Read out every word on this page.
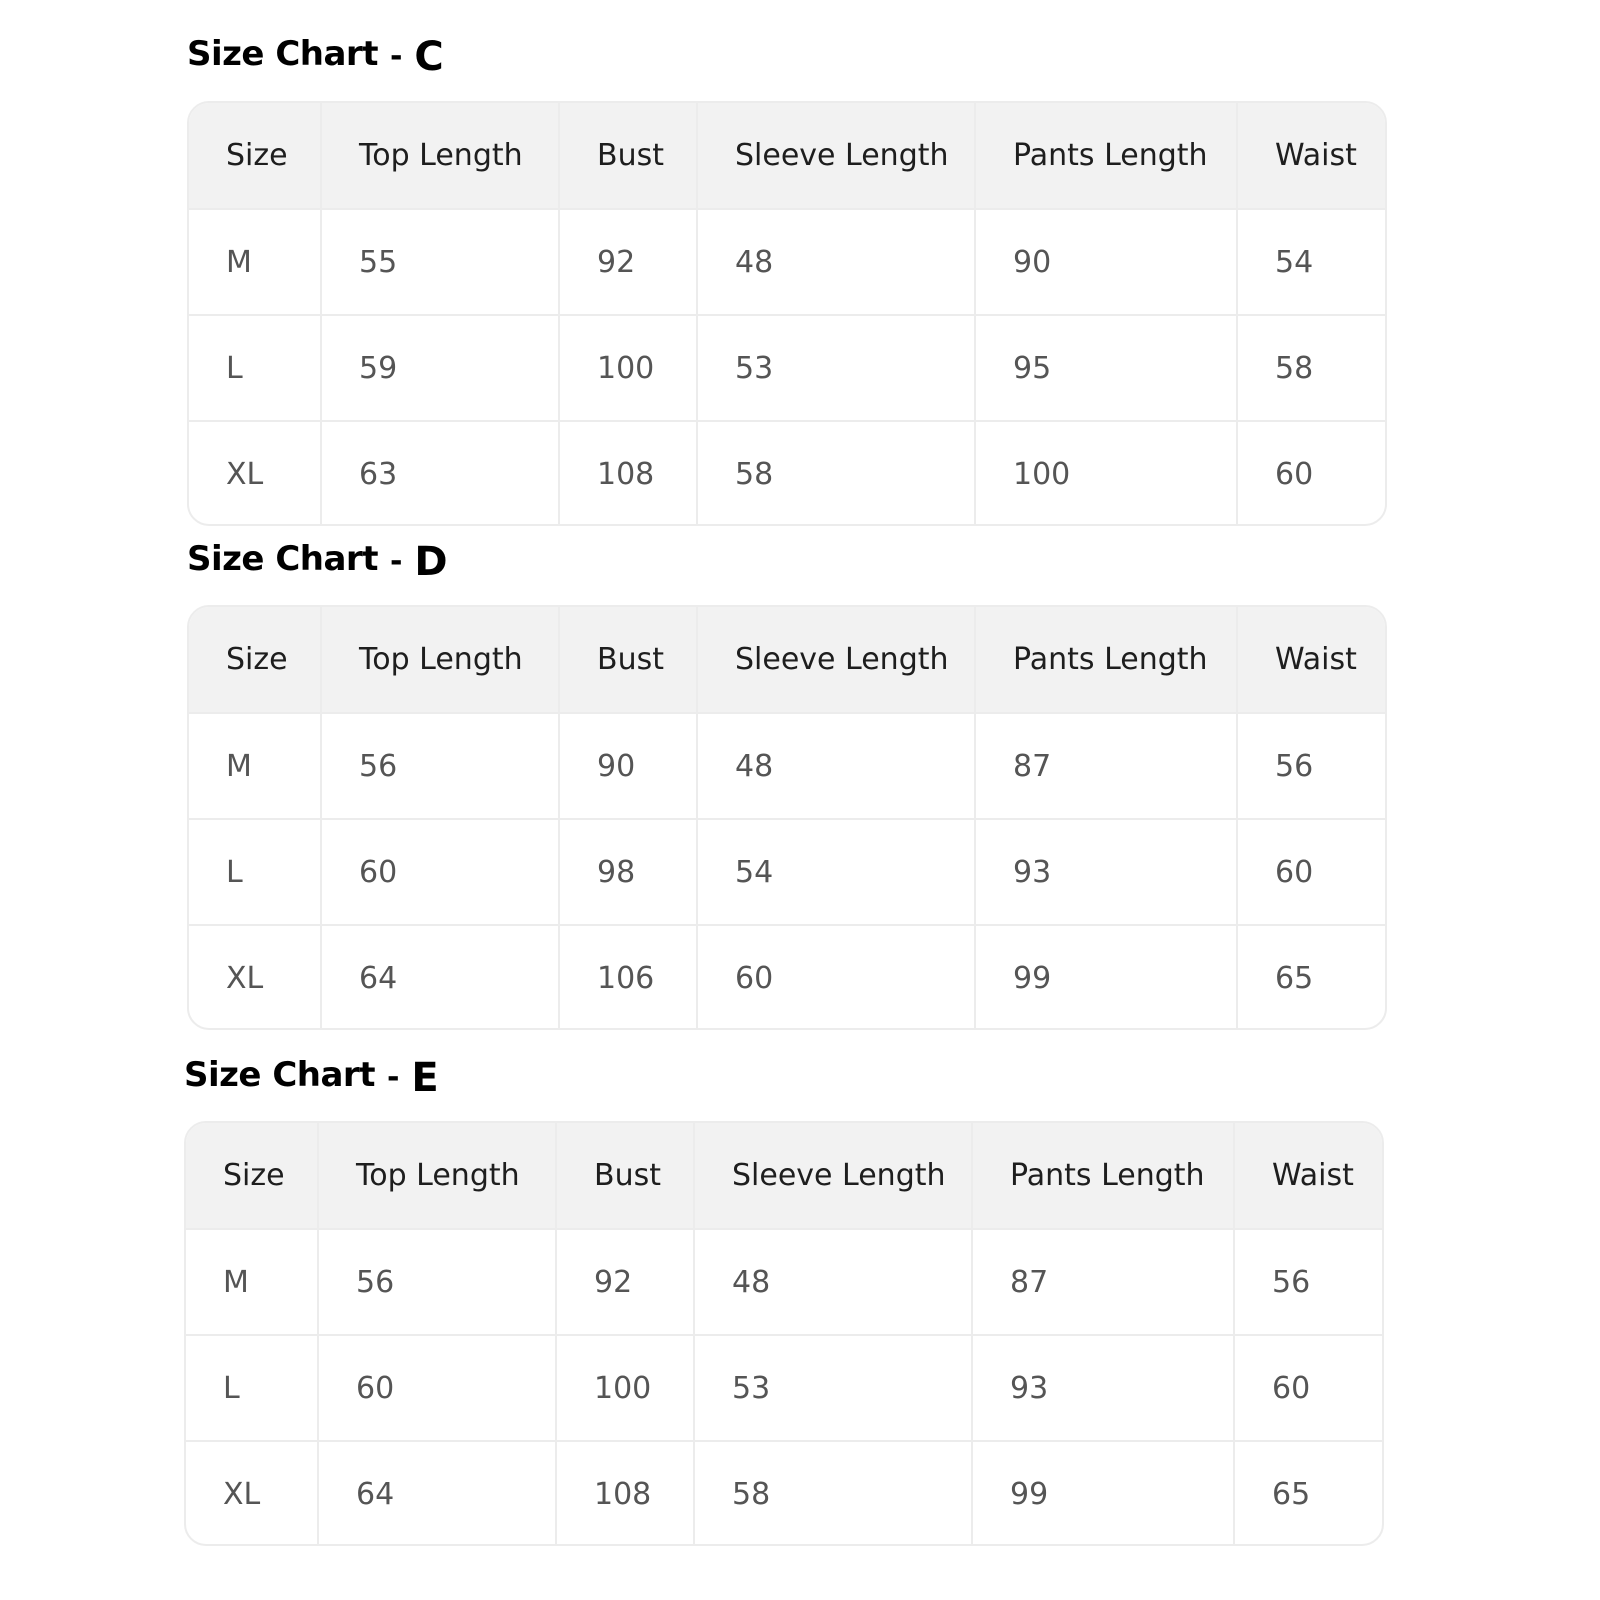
Size Chart - C
Size	Top Length	Bust	Sleeve Length	Pants Length	Waist
M	55	92	48	90	54
L	59	100	53	95	58
XL	63	108	58	100	60
Size Chart - D
Size	Top Length	Bust	Sleeve Length	Pants Length	Waist
M	56	90	48	87	56
L	60	98	54	93	60
XL	64	106	60	99	65
Size Chart - E
Size	Top Length	Bust	Sleeve Length	Pants Length	Waist
M	56	92	48	87	56
L	60	100	53	93	60
XL	64	108	58	99	65
